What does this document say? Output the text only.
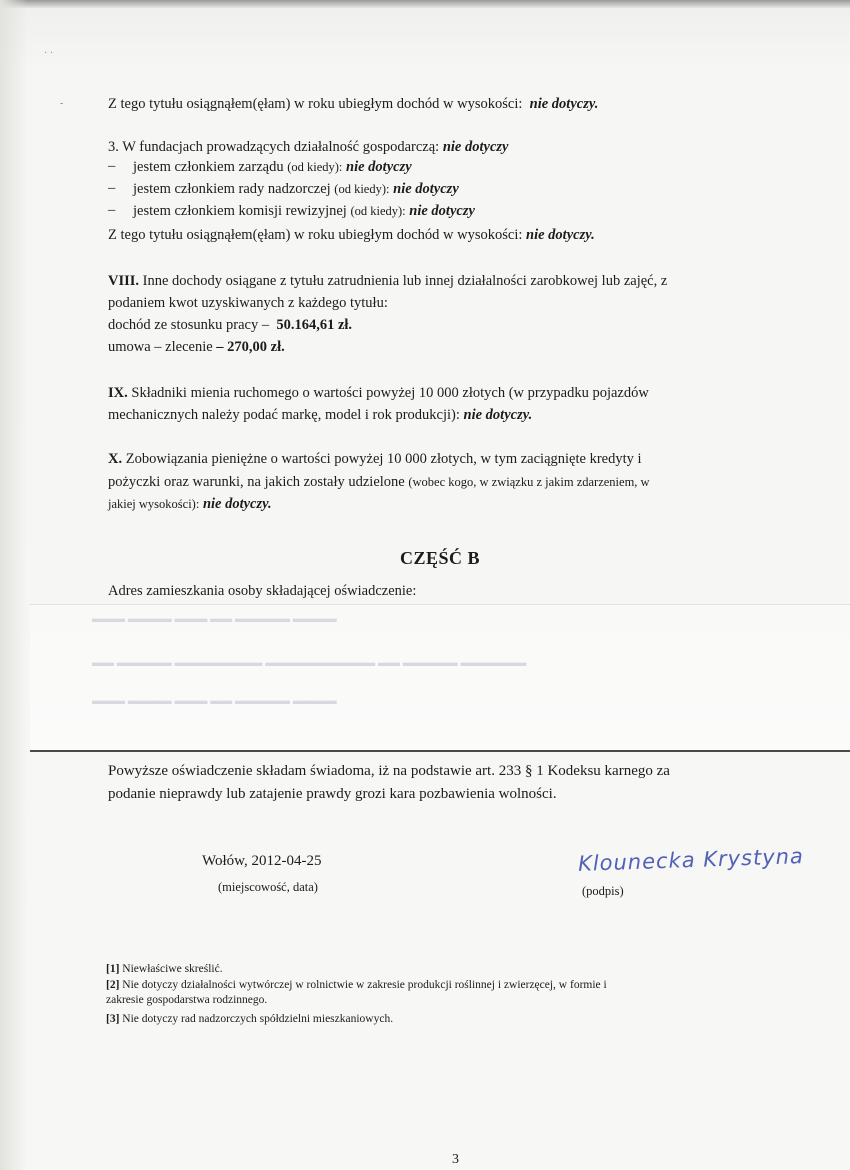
· ·
-	Z tego tytułu osiągnąłem(ęłam) w roku ubiegłym dochód w wysokości: nie dotyczy.
3. W fundacjach prowadzących działalność gospodarczą: nie dotyczy
– jestem członkiem zarządu (od kiedy): nie dotyczy
– jestem członkiem rady nadzorczej (od kiedy): nie dotyczy
– jestem członkiem komisji rewizyjnej (od kiedy): nie dotyczy
Z tego tytułu osiągnąłem(ęłam) w roku ubiegłym dochód w wysokości: nie dotyczy.
VIII. Inne dochody osiągane z tytułu zatrudnienia lub innej działalności zarobkowej lub zajęć, z
podaniem kwot uzyskiwanych z każdego tytułu:
dochód ze stosunku pracy – 50.164,61 zł.
umowa – zlecenie – 270,00 zł.
IX. Składniki mienia ruchomego o wartości powyżej 10 000 złotych (w przypadku pojazdów
mechanicznych należy podać markę, model i rok produkcji): nie dotyczy.
X. Zobowiązania pieniężne o wartości powyżej 10 000 złotych, w tym zaciągnięte kredyty i
pożyczki oraz warunki, na jakich zostały udzielone (wobec kogo, w związku z jakim zdarzeniem, w
jakiej wysokości): nie dotyczy.
CZĘŚĆ B
Adres zamieszkania osoby składającej oświadczenie:
▬▬▬ ▬▬▬▬ ▬▬▬ ▬▬ ▬▬▬▬▬ ▬▬▬▬
▬▬ ▬▬▬▬▬ ▬▬▬▬▬▬▬▬ ▬▬▬▬▬▬▬▬▬▬ ▬▬ ▬▬▬▬▬ ▬▬▬▬▬▬
▬▬▬ ▬▬▬▬ ▬▬▬ ▬▬ ▬▬▬▬▬ ▬▬▬▬
Powyższe oświadczenie składam świadoma, iż na podstawie art. 233 § 1 Kodeksu karnego za
podanie nieprawdy lub zatajenie prawdy grozi kara pozbawienia wolności.
Wołów, 2012-04-25
(miejscowość, data)
Klounecka Krystyna
(podpis)
[1] Niewłaściwe skreślić.
[2] Nie dotyczy działalności wytwórczej w rolnictwie w zakresie produkcji roślinnej i zwierzęcej, w formie i
zakresie gospodarstwa rodzinnego.
[3] Nie dotyczy rad nadzorczych spółdzielni mieszkaniowych.
3
